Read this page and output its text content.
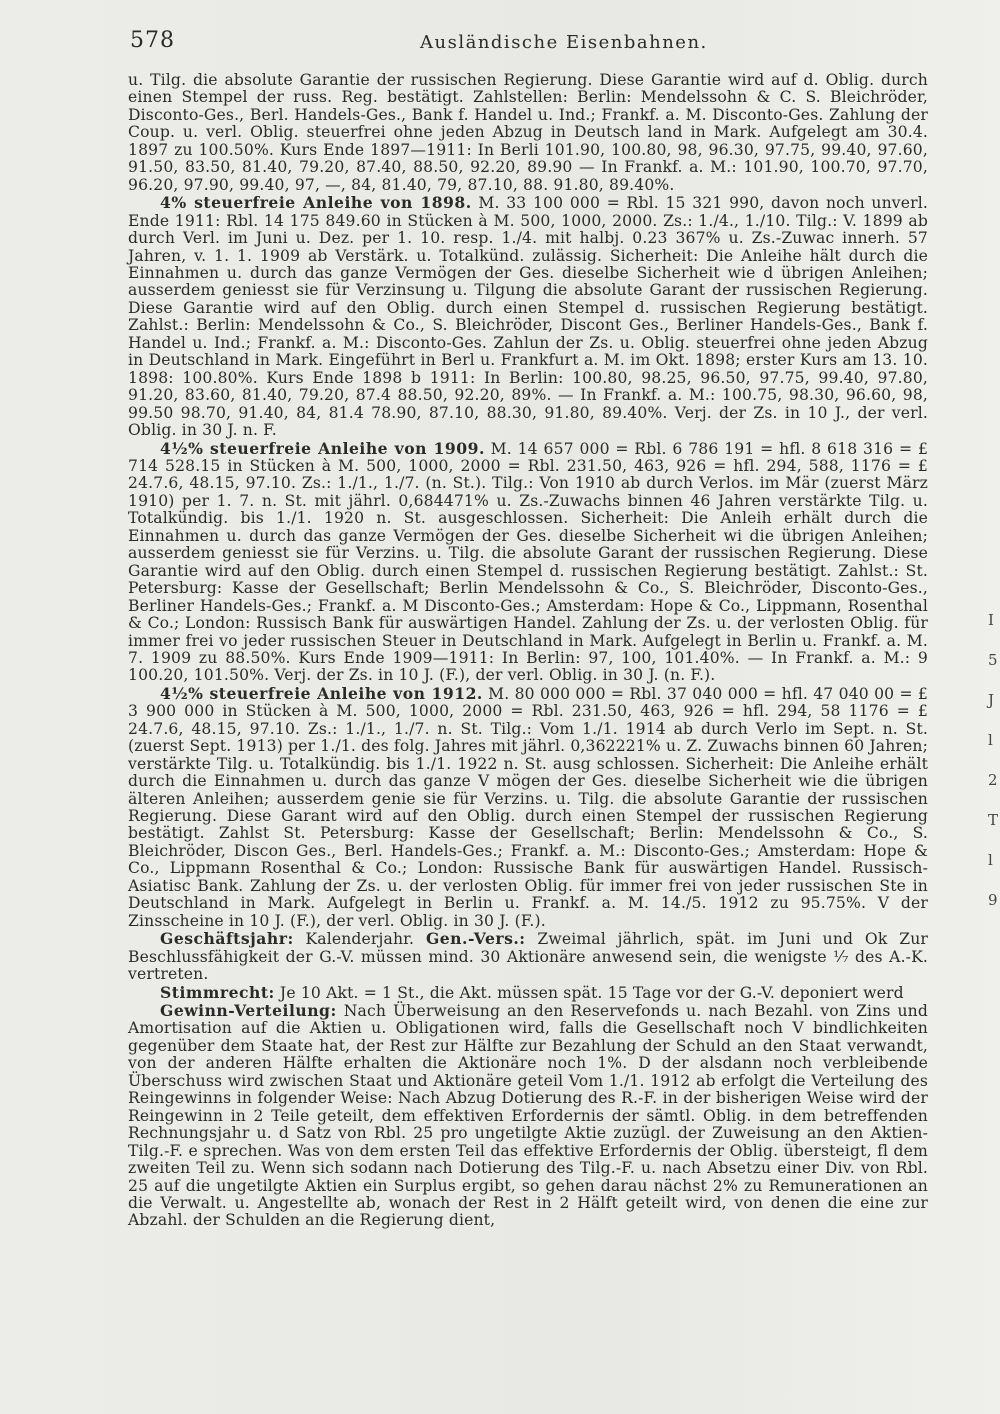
578	Ausländische Eisenbahnen.

u. Tilg. die absolute Garantie der russischen Regierung. Diese Garantie wird auf d. Oblig. durch einen Stempel der russ. Reg. bestätigt. Zahlstellen: Berlin: Mendelssohn & C. S. Bleichröder, Disconto-Ges., Berl. Handels-Ges., Bank f. Handel u. Ind.; Frankf. a. M. Disconto-Ges. Zahlung der Coup. u. verl. Oblig. steuerfrei ohne jeden Abzug in Deutsch land in Mark. Aufgelegt am 30.4. 1897 zu 100.50%. Kurs Ende 1897—1911: In Berli 101.90, 100.80, 98, 96.30, 97.75, 99.40, 97.60, 91.50, 83.50, 81.40, 79.20, 87.40, 88.50, 92.20, 89.90 — In Frankf. a. M.: 101.90, 100.70, 97.70, 96.20, 97.90, 99.40, 97, —, 84, 81.40, 79, 87.10, 88. 91.80, 89.40%.

4% steuerfreie Anleihe von 1898. M. 33 100 000 = Rbl. 15 321 990, davon noch unverl. Ende 1911: Rbl. 14 175 849.60 in Stücken à M. 500, 1000, 2000. Zs.: 1./4., 1./10. Tilg.: V. 1899 ab durch Verl. im Juni u. Dez. per 1. 10. resp. 1./4. mit halbj. 0.23 367% u. Zs.-Zuwac innerh. 57 Jahren, v. 1. 1. 1909 ab Verstärk. u. Totalkünd. zulässig. Sicherheit: Die Anleihe hält durch die Einnahmen u. durch das ganze Vermögen der Ges. dieselbe Sicherheit wie d übrigen Anleihen; ausserdem geniesst sie für Verzinsung u. Tilgung die absolute Garant der russischen Regierung. Diese Garantie wird auf den Oblig. durch einen Stempel d. russischen Regierung bestätigt. Zahlst.: Berlin: Mendelssohn & Co., S. Bleichröder, Discont Ges., Berliner Handels-Ges., Bank f. Handel u. Ind.; Frankf. a. M.: Disconto-Ges. Zahlun der Zs. u. Oblig. steuerfrei ohne jeden Abzug in Deutschland in Mark. Eingeführt in Berl u. Frankfurt a. M. im Okt. 1898; erster Kurs am 13. 10. 1898: 100.80%. Kurs Ende 1898 b 1911: In Berlin: 100.80, 98.25, 96.50, 97.75, 99.40, 97.80, 91.20, 83.60, 81.40, 79.20, 87.4 88.50, 92.20, 89%. — In Frankf. a. M.: 100.75, 98.30, 96.60, 98, 99.50 98.70, 91.40, 84, 81.4 78.90, 87.10, 88.30, 91.80, 89.40%. Verj. der Zs. in 10 J., der verl. Oblig. in 30 J. n. F.

4½% steuerfreie Anleihe von 1909. M. 14 657 000 = Rbl. 6 786 191 = hfl. 8 618 316 = £ 714 528.15 in Stücken à M. 500, 1000, 2000 = Rbl. 231.50, 463, 926 = hfl. 294, 588, 1176 = £ 24.7.6, 48.15, 97.10. Zs.: 1./1., 1./7. (n. St.). Tilg.: Von 1910 ab durch Verlos. im Mär (zuerst März 1910) per 1. 7. n. St. mit jährl. 0,684471% u. Zs.-Zuwachs binnen 46 Jahren verstärkte Tilg. u. Totalkündig. bis 1./1. 1920 n. St. ausgeschlossen. Sicherheit: Die Anleih erhält durch die Einnahmen u. durch das ganze Vermögen der Ges. dieselbe Sicherheit wi die übrigen Anleihen; ausserdem geniesst sie für Verzins. u. Tilg. die absolute Garant der russischen Regierung. Diese Garantie wird auf den Oblig. durch einen Stempel d. russischen Regierung bestätigt. Zahlst.: St. Petersburg: Kasse der Gesellschaft; Berlin Mendelssohn & Co., S. Bleichröder, Disconto-Ges., Berliner Handels-Ges.; Frankf. a. M Disconto-Ges.; Amsterdam: Hope & Co., Lippmann, Rosenthal & Co.; London: Russisch Bank für auswärtigen Handel. Zahlung der Zs. u. der verlosten Oblig. für immer frei vo jeder russischen Steuer in Deutschland in Mark. Aufgelegt in Berlin u. Frankf. a. M. 7. 1909 zu 88.50%. Kurs Ende 1909—1911: In Berlin: 97, 100, 101.40%. — In Frankf. a. M.: 9 100.20, 101.50%. Verj. der Zs. in 10 J. (F.), der verl. Oblig. in 30 J. (n. F.).

4½% steuerfreie Anleihe von 1912. M. 80 000 000 = Rbl. 37 040 000 = hfl. 47 040 00 = £ 3 900 000 in Stücken à M. 500, 1000, 2000 = Rbl. 231.50, 463, 926 = hfl. 294, 58 1176 = £ 24.7.6, 48.15, 97.10. Zs.: 1./1., 1./7. n. St. Tilg.: Vom 1./1. 1914 ab durch Verlo im Sept. n. St. (zuerst Sept. 1913) per 1./1. des folg. Jahres mit jährl. 0,362221% u. Z. Zuwachs binnen 60 Jahren; verstärkte Tilg. u. Totalkündig. bis 1./1. 1922 n. St. ausg schlossen. Sicherheit: Die Anleihe erhält durch die Einnahmen u. durch das ganze V mögen der Ges. dieselbe Sicherheit wie die übrigen älteren Anleihen; ausserdem genie sie für Verzins. u. Tilg. die absolute Garantie der russischen Regierung. Diese Garant wird auf den Oblig. durch einen Stempel der russischen Regierung bestätigt. Zahlst St. Petersburg: Kasse der Gesellschaft; Berlin: Mendelssohn & Co., S. Bleichröder, Discon Ges., Berl. Handels-Ges.; Frankf. a. M.: Disconto-Ges.; Amsterdam: Hope & Co., Lippmann Rosenthal & Co.; London: Russische Bank für auswärtigen Handel. Russisch-Asiatisc Bank. Zahlung der Zs. u. der verlosten Oblig. für immer frei von jeder russischen Ste in Deutschland in Mark. Aufgelegt in Berlin u. Frankf. a. M. 14./5. 1912 zu 95.75%. V der Zinsscheine in 10 J. (F.), der verl. Oblig. in 30 J. (F.).

Geschäftsjahr: Kalenderjahr. Gen.-Vers.: Zweimal jährlich, spät. im Juni und Ok Zur Beschlussfähigkeit der G.-V. müssen mind. 30 Aktionäre anwesend sein, die wenigste ⅟₇ des A.-K. vertreten.

Stimmrecht: Je 10 Akt. = 1 St., die Akt. müssen spät. 15 Tage vor der G.-V. deponiert werd

Gewinn-Verteilung: Nach Überweisung an den Reservefonds u. nach Bezahl. von Zins und Amortisation auf die Aktien u. Obligationen wird, falls die Gesellschaft noch V bindlichkeiten gegenüber dem Staate hat, der Rest zur Hälfte zur Bezahlung der Schuld an den Staat verwandt, von der anderen Hälfte erhalten die Aktionäre noch 1%. D der alsdann noch verbleibende Überschuss wird zwischen Staat und Aktionäre geteil Vom 1./1. 1912 ab erfolgt die Verteilung des Reingewinns in folgender Weise: Nach Abzug Dotierung des R.-F. in der bisherigen Weise wird der Reingewinn in 2 Teile geteilt, dem effektiven Erfordernis der sämtl. Oblig. in dem betreffenden Rechnungsjahr u. d Satz von Rbl. 25 pro ungetilgte Aktie zuzügl. der Zuweisung an den Aktien-Tilg.-F. e sprechen. Was von dem ersten Teil das effektive Erfordernis der Oblig. übersteigt, fl dem zweiten Teil zu. Wenn sich sodann nach Dotierung des Tilg.-F. u. nach Absetzu einer Div. von Rbl. 25 auf die ungetilgte Aktien ein Surplus ergibt, so gehen darau nächst 2% zu Remunerationen an die Verwalt. u. Angestellte ab, wonach der Rest in 2 Hälft geteilt wird, von denen die eine zur Abzahl. der Schulden an die Regierung dient,

I
5
J
l
2
T
l
9
